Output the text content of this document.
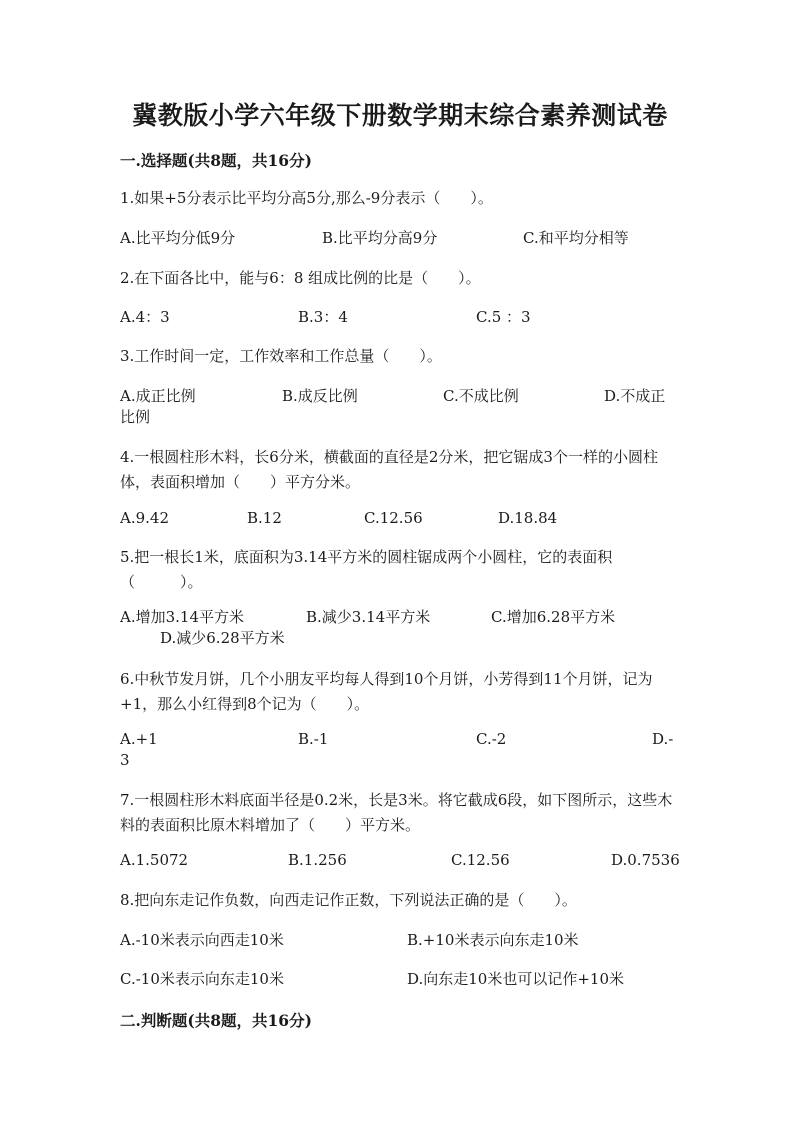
冀教版小学六年级下册数学期末综合素养测试卷
一.选择题(共8题，共16分)
1.如果+5分表示比平均分高5分,那么-9分表示（　　）。
A.比平均分低9分	B.比平均分高9分	C.和平均分相等
2.在下面各比中，能与6：8 组成比例的比是（　　）。
A.4：3	B.3：4	C.5 ：3
3.工作时间一定，工作效率和工作总量（　　）。
A.成正比例	B.成反比例	C.不成比例	D.不成正
比例
4.一根圆柱形木料，长6分米，横截面的直径是2分米，把它锯成3个一样的小圆柱体，表面积增加（　　）平方分米。
A.9.42	B.12	C.12.56	D.18.84
5.把一根长1米，底面积为3.14平方米的圆柱锯成两个小圆柱，它的表面积（　　　）。
A.增加3.14平方米	B.减少3.14平方米	C.增加6.28平方米
D.减少6.28平方米
6.中秋节发月饼，几个小朋友平均每人得到10个月饼，小芳得到11个月饼，记为+1，那么小红得到8个记为（　　）。
A.+1	B.-1	C.-2	D.-
3
7.一根圆柱形木料底面半径是0.2米，长是3米。将它截成6段，如下图所示，这些木料的表面积比原木料增加了（　　）平方米。
A.1.5072	B.1.256	C.12.56	D.0.7536
8.把向东走记作负数，向西走记作正数，下列说法正确的是（　　）。
A.-10米表示向西走10米	B.+10米表示向东走10米
C.-10米表示向东走10米	D.向东走10米也可以记作+10米
二.判断题(共8题，共16分)
